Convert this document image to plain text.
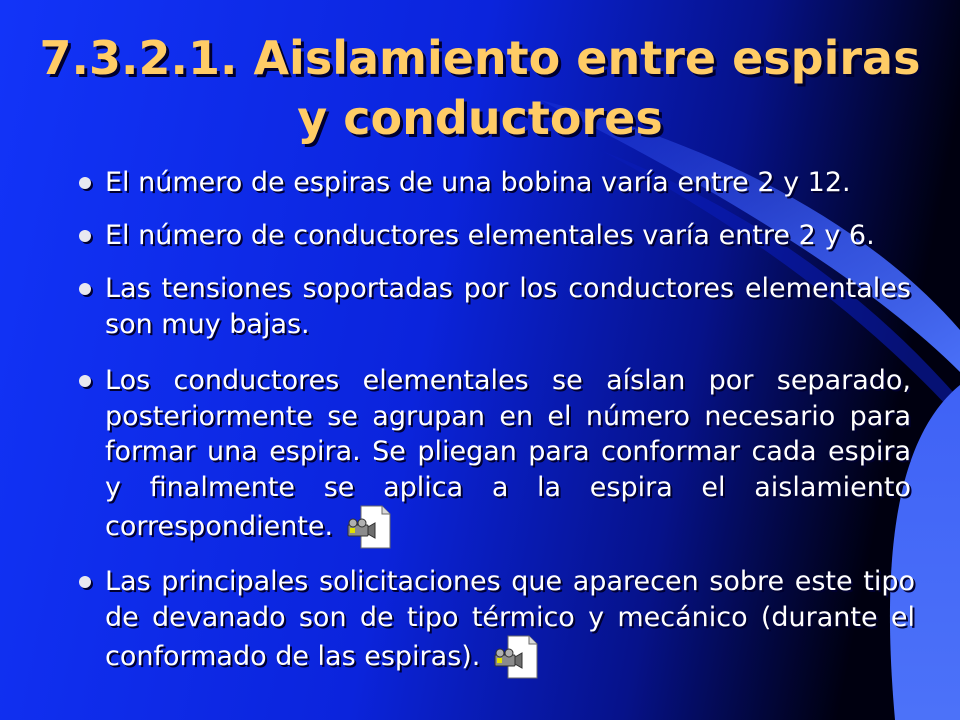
7.3.2.1. Aislamiento entre espiras
y conductores

El número de espiras de una bobina varía entre 2 y 12.

El número de conductores elementales varía entre 2 y 6.

Las tensiones soportadas por los conductores elementales son muy bajas.

Los conductores elementales se aíslan por separado, posteriormente se agrupan en el número necesario para formar una espira. Se pliegan para conformar cada espira y finalmente se aplica a la espira el aislamiento correspondiente.

Las principales solicitaciones que aparecen sobre este tipo de devanado son de tipo térmico y mecánico (durante el conformado de las espiras).
